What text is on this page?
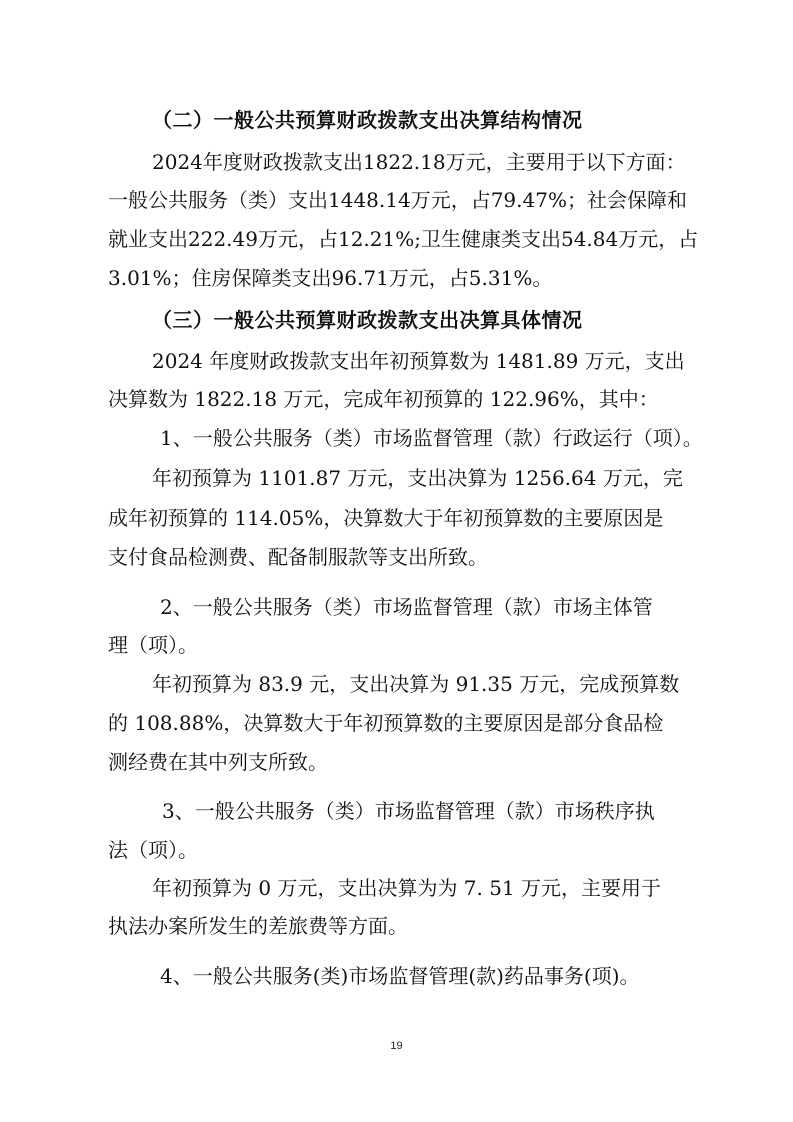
（二）一般公共预算财政拨款支出决算结构情况
2024年度财政拨款支出1822.18万元，主要用于以下方面：
一般公共服务（类）支出1448.14万元，占79.47%；社会保障和
就业支出222.49万元，占12.21%;卫生健康类支出54.84万元，占
3.01%；住房保障类支出96.71万元，占5.31%。
（三）一般公共预算财政拨款支出决算具体情况
2024 年度财政拨款支出年初预算数为 1481.89 万元，支出
决算数为 1822.18 万元，完成年初预算的 122.96%，其中：
1、一般公共服务（类）市场监督管理（款）行政运行（项）。
年初预算为 1101.87 万元，支出决算为 1256.64 万元，完
成年初预算的 114.05%，决算数大于年初预算数的主要原因是
支付食品检测费、配备制服款等支出所致。
2、一般公共服务（类）市场监督管理（款）市场主体管
理（项）。
年初预算为 83.9 元，支出决算为 91.35 万元，完成预算数
的 108.88%，决算数大于年初预算数的主要原因是部分食品检
测经费在其中列支所致。
3、一般公共服务（类）市场监督管理（款）市场秩序执
法（项）。
年初预算为 0 万元，支出决算为为 7. 51 万元，主要用于
执法办案所发生的差旅费等方面。
4、一般公共服务(类)市场监督管理(款)药品事务(项)。
19
